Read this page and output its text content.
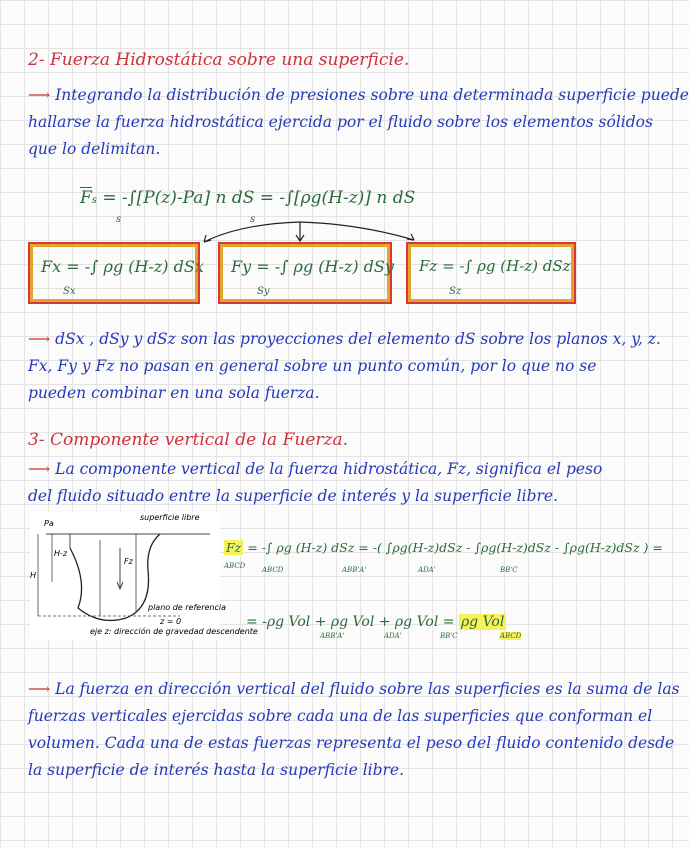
2- Fuerza Hidrostática sobre una superficie.
⟶ Integrando la distribución de presiones sobre una determinada superficie puede
hallarse la fuerza hidrostática ejercida por el fluido sobre los elementos sólidos
que lo delimitan.
$\overline{F}s = -\int[P(z)-Pa]$ n dS = -∫[ρg(H-z)] n dS
s	s
Fx = -∫ ρg (H-z) dSx
Sx
Fy = -∫ ρg (H-z) dSy
Sy
Fz = -∫ ρg (H-z) dSz
Sz
⟶ dSx , dSy y dSz son las proyecciones del elemento dS sobre los planos x, y, z.
Fx, Fy y Fz no pasan en general sobre un punto común, por lo que no se
pueden combinar en una sola fuerza.
3- Componente vertical de la Fuerza.
⟶ La componente vertical de la fuerza hidrostática, Fz, significa el peso
del fluido situado entre la superficie de interés y la superficie libre.
superficie libre
Pa
H
H-z
Fz
plano de referencia
z = 0
eje z: dirección de gravedad descendente
Fz = -∫ ρg (H-z) dSz = -( ∫ρg(H-z)dSz - ∫ρg(H-z)dSz - ∫ρg(H-z)dSz ) =
ABCD ABCD	ABB'A'	ADA'	BB'C
= -ρg Vol + ρg Vol + ρg Vol = ρg Vol
ABB'A'	ADA'	BB'C	ABCD
⟶ La fuerza en dirección vertical del fluido sobre las superficies es la suma de las
fuerzas verticales ejercidas sobre cada una de las superficies que conforman el
volumen. Cada una de estas fuerzas representa el peso del fluido contenido desde
la superficie de interés hasta la superficie libre.
